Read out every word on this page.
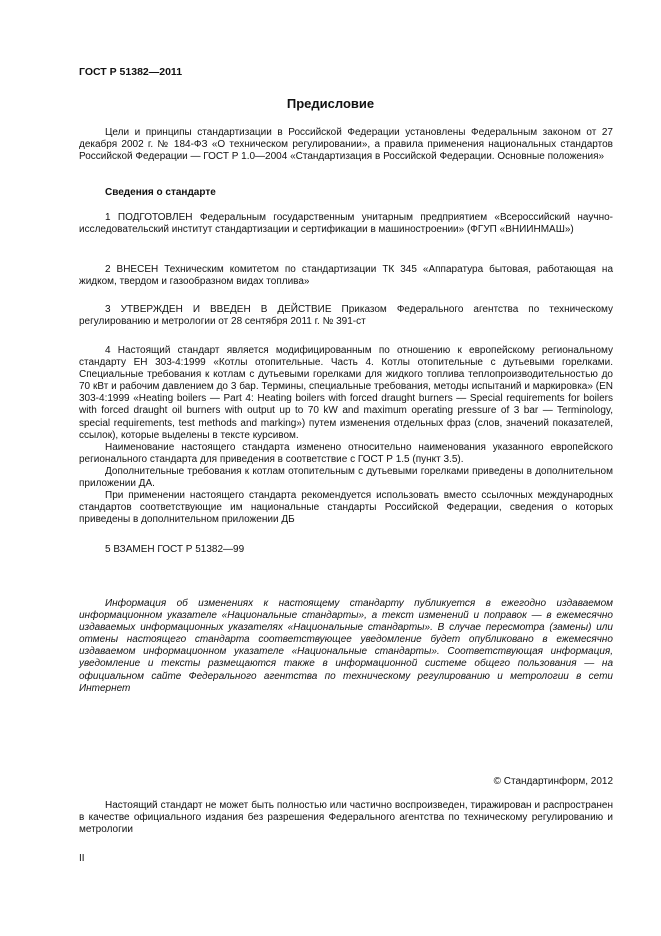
ГОСТ Р 51382—2011
Предисловие
Цели и принципы стандартизации в Российской Федерации установлены Федеральным законом от 27 декабря 2002 г. № 184-ФЗ «О техническом регулировании», а правила применения национальных стандартов Российской Федерации — ГОСТ Р 1.0—2004 «Стандартизация в Российской Федерации. Основные положения»
Сведения о стандарте
1 ПОДГОТОВЛЕН Федеральным государственным унитарным предприятием «Всероссийский научно-исследовательский институт стандартизации и сертификации в машиностроении» (ФГУП «ВНИИНМАШ»)
2 ВНЕСЕН Техническим комитетом по стандартизации ТК 345 «Аппаратура бытовая, работающая на жидком, твердом и газообразном видах топлива»
3 УТВЕРЖДЕН И ВВЕДЕН В ДЕЙСТВИЕ Приказом Федерального агентства по техническому регулированию и метрологии от 28 сентября 2011 г. № 391-ст

4 Настоящий стандарт является модифицированным по отношению к европейскому региональному стандарту ЕН 303-4:1999 «Котлы отопительные. Часть 4. Котлы отопительные с дутьевыми горелками. Специальные требования к котлам с дутьевыми горелками для жидкого топлива теплопроизводительностью до 70 кВт и рабочим давлением до 3 бар. Термины, специальные требования, методы испытаний и маркировка» (EN 303-4:1999 «Heating boilers — Part 4: Heating boilers with forced draught burners — Special requirements for boilers with forced draught oil burners with output up to 70 kW and maximum operating pressure of 3 bar — Terminology, special requirements, test methods and marking») путем изменения отдельных фраз (слов, значений показателей, ссылок), которые выделены в тексте курсивом.

Наименование настоящего стандарта изменено относительно наименования указанного европейского регионального стандарта для приведения в соответствие с ГОСТ Р 1.5 (пункт 3.5).

Дополнительные требования к котлам отопительным с дутьевыми горелками приведены в дополнительном приложении ДА.

При применении настоящего стандарта рекомендуется использовать вместо ссылочных международных стандартов соответствующие им национальные стандарты Российской Федерации, сведения о которых приведены в дополнительном приложении ДБ

5 ВЗАМЕН ГОСТ Р 51382—99
Информация об изменениях к настоящему стандарту публикуется в ежегодно издаваемом информационном указателе «Национальные стандарты», а текст изменений и поправок — в ежемесячно издаваемых информационных указателях «Национальные стандарты». В случае пересмотра (замены) или отмены настоящего стандарта соответствующее уведомление будет опубликовано в ежемесячно издаваемом информационном указателе «Национальные стандарты». Соответствующая информация, уведомление и тексты размещаются также в информационной системе общего пользования — на официальном сайте Федерального агентства по техническому регулированию и метрологии в сети Интернет
© Стандартинформ, 2012
Настоящий стандарт не может быть полностью или частично воспроизведен, тиражирован и распространен в качестве официального издания без разрешения Федерального агентства по техническому регулированию и метрологии
II
